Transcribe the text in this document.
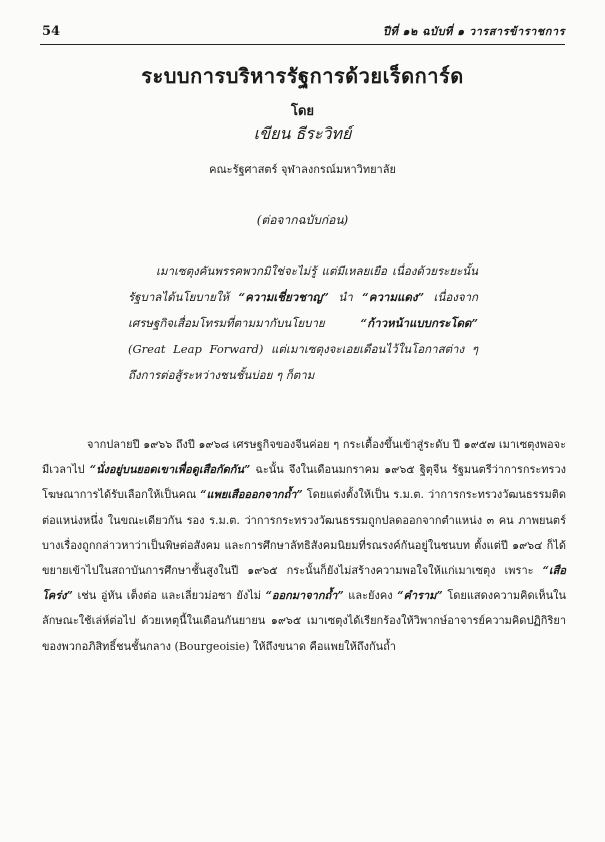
54	ปีที่ ๑๒ ฉบับที่ ๑ วารสารข้าราชการ
ระบบการบริหารรัฐการด้วยเร็ดการ์ด
โดย
เขียน ธีระวิทย์
คณะรัฐศาสตร์ จุฬาลงกรณ์มหาวิทยาลัย
(ต่อจากฉบับก่อน)
เมาเซตุงคันพรรคพวกมิใช่จะไม่รู้ แต่มีเหลยเยือ เนื่องด้วยระยะนั้น รัฐบาลได้นโยบายให้ “ความเชี่ยวชาญ” นำ “ความแดง” เนื่องจากเศรษฐกิจเสื่อมโทรมที่ตามมากับนโยบาย	“ก้าวหน้าแบบกระโดด” (Great Leap Forward) แต่เมาเซตุงจะเอยเดือนไว้ในโอกาสต่าง ๆ ถึงการต่อสู้ระหว่างชนชั้นบ่อย ๆ ก็ตาม
จากปลายปี ๑๙๖๖ ถึงปี ๑๙๖๘ เศรษฐกิจของจีนค่อย ๆ กระเตื้องขึ้นเข้าสู่ระดับ ปี ๑๙๕๗ เมาเซตุงพอจะมีเวลาไป “นั่งอยู่บนยอดเขาเพื่อดูเสือกัดกัน” ฉะนั้น จึงในเดือนมกราคม ๑๙๖๕ ฐิตุจีน รัฐมนตรีว่าการกระทรวงโฆษณาการได้รับเลือกให้เป็นคณ “แพยเสือออกจากถ้ำ” โดยแต่งตั้งให้เป็น ร.ม.ต. ว่าการกระทรวงวัฒนธรรมติดต่อแหน่งหนึ่ง ในขณะเดียวกัน รอง ร.ม.ต. ว่าการกระทรวงวัฒนธรรมถูกปลดออกจากตำแหน่ง ๓ คน ภาพยนตร์บางเรื่องถูกกล่าวหาว่าเป็นพิษต่อสังคม และการศึกษาลัทธิสังคมนิยมที่รณรงค์กันอยู่ในชนบท ตั้งแต่ปี ๑๙๖๔ ก็ได้ขยายเข้าไปในสถาบันการศึกษาชั้นสูงในปี ๑๙๖๕ กระนั้นก็ยังไม่สร้างความพอใจให้แก่เมาเซตุง เพราะ “เสือโคร่ง” เช่น อู่หัน เต็งต่อ และเลี่ยวม่อซา ยังไม่ “ออกมาจากถ้ำ” และยังคง “คำราม” โดยแสดงความคิดเห็นในลักษณะใช้เล่ห์ต่อไป ด้วยเหตุนี้ในเดือนกันยายน ๑๙๖๕ เมาเซตุงได้เรียกร้องให้วิพากษ์อาจารย์ความคิดปฏิกิริยาของพวกอภิสิทธิ์ชนชั้นกลาง (Bourgeoisie) ให้ถึงขนาด คือแพยให้ถึงกันถ้ำ
